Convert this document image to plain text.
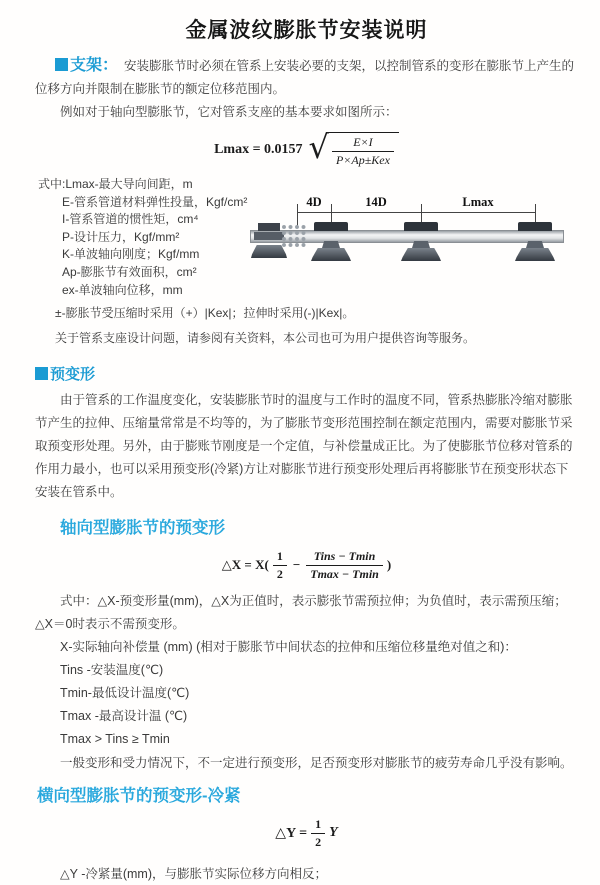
金属波纹膨胀节安装说明

支架： 安装膨胀节时必须在管系上安装必要的支架，以控制管系的变形在膨胀节上产生的位移方向并限制在膨胀节的额定位移范围内。

例如对于轴向型膨胀节，它对管系支座的基本要求如图所示：

Lmax = 0.0157 √ $\frac{E\times I}{\text{P×Ap±Kex}}$
式中:Lmax-最大导向间距，m
E-管系管道材料弹性投量，Kgf/cm²
I-管系管道的惯性矩，cm⁴
P-设计压力，Kgf/mm²
K-单波轴向刚度；Kgf/mm
Ap-膨胀节有效面积，cm²
ex-单波轴向位移，mm
±-膨胀节受压缩时采用（+）|Kex|；拉伸时采用(-)|Kex|。
关于管系支座设计问题，请参阅有关资料，本公司也可为用户提供咨询等服务。
4D	14D	Lmax
预变形

由于管系的工作温度变化，安装膨胀节时的温度与工作时的温度不同，管系热膨胀冷缩对膨胀节产生的拉伸、压缩量常常是不均等的，为了膨胀节变形范围控制在额定范围内，需要对膨胀节采取预变形处理。另外，由于膨账节刚度是一个定值，与补偿量成正比。为了使膨胀节位移对管系的作用力最小，也可以采用预变形(冷紧)方让对膨胀节进行预变形处理后再将膨胀节在预变形状态下安装在管系中。

轴向型膨胀节的预变形
△X = $X( \frac{1}{2} - \frac{\text{Tins − Tmin}}{Tmax - Tmin}$ )

式中：△X-预变形量(mm)，△X为正值时，表示膨张节需预拉伸；为负值时，表示需预压缩；△X＝0时表示不需预变形。

X-实际轴向补偿量 (mm) (相对于膨胀节中间状态的拉伸和压缩位移量绝对值之和)：

Tins -安装温度(℃)

Tmin-最低设计温度(℃)

Tmax -最高设计温 (℃)

Tmax > Tins ≥ Tmin

一般变形和受力情况下，不一定进行预变形，足否预变形对膨胀节的疲劳寿命几乎没有影响。

横向型膨胀节的预变形-冷紧
△Y = $\frac{1}{2}$ Y

△Y -冷紧量(mm)，与膨胀节实际位移方向相反；
